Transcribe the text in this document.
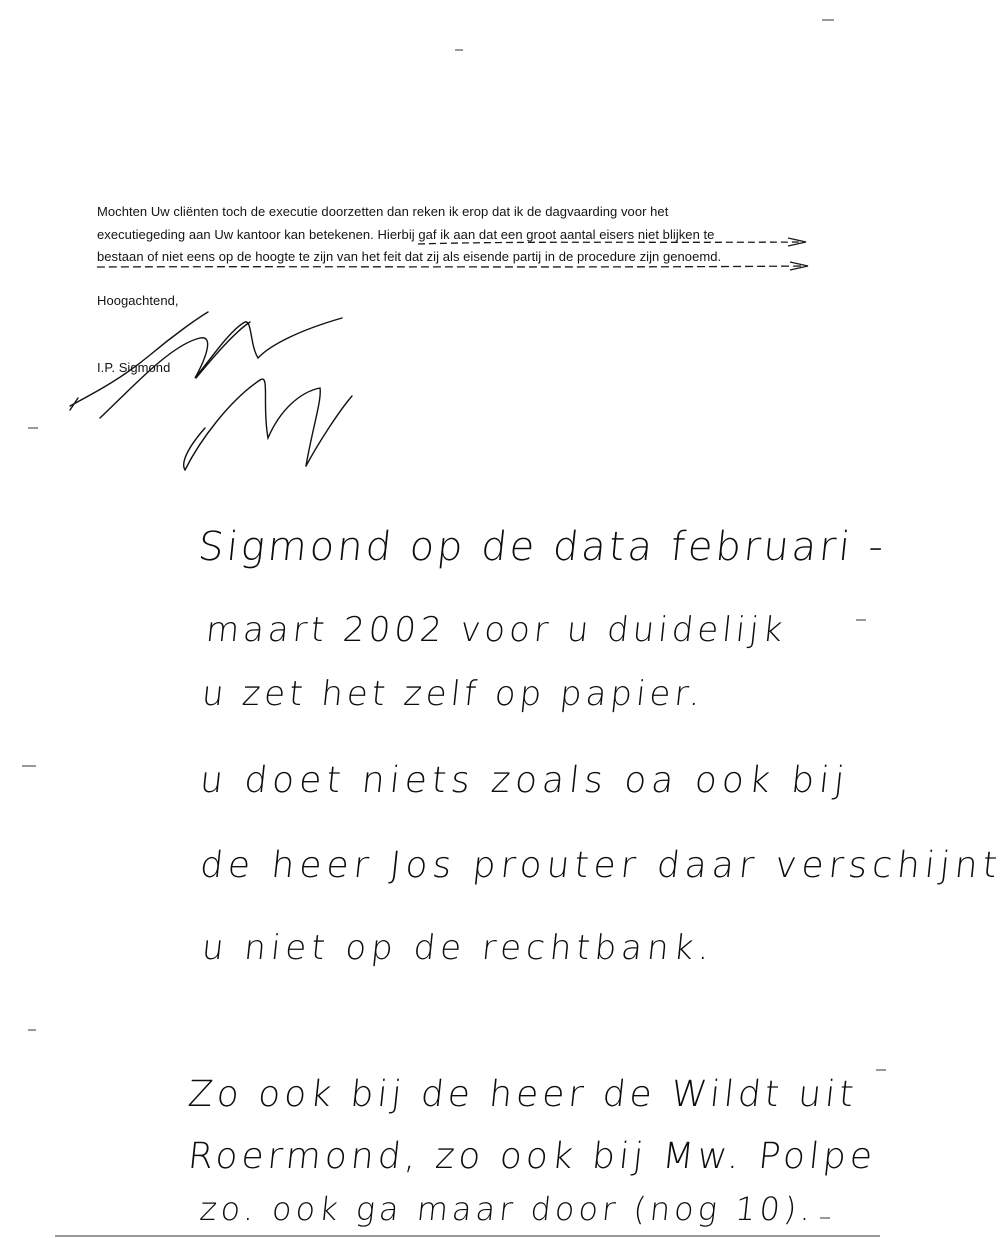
Mochten Uw cliënten toch de executie doorzetten dan reken ik erop dat ik de dagvaarding voor het
executiegeding aan Uw kantoor kan betekenen. Hierbij gaf ik aan dat een groot aantal eisers niet blijken te
bestaan of niet eens op de hoogte te zijn van het feit dat zij als eisende partij in de procedure zijn genoemd.
Hoogachtend,
I.P. Sigmond
Sigmond op de data februari -
maart 2002 voor u duidelijk
u zet het zelf op papier.
u doet niets zoals oa ook bij
de heer Jos prouter daar verschijnt
u niet op de rechtbank.
Zo ook bij de heer de Wildt uit
Roermond, zo ook bij Mw. Polpe
zo. ook ga maar door (nog 10).
